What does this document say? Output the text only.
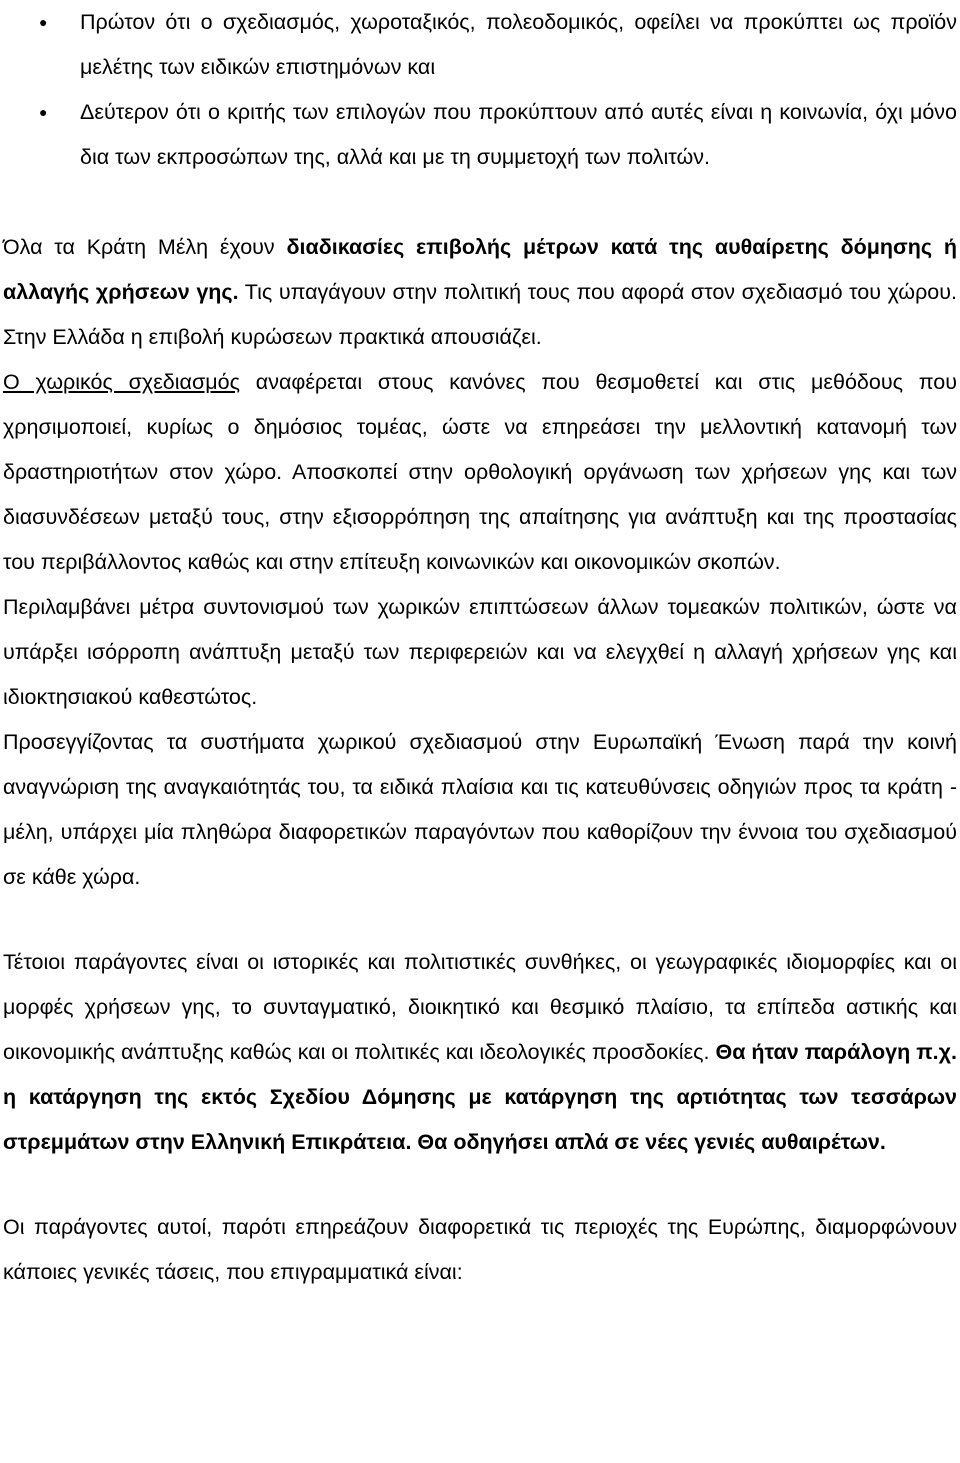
● Πρώτον ότι ο σχεδιασμός, χωροταξικός, πολεοδομικός, οφείλει να προκύπτει ως προϊόν μελέτης των ειδικών επιστημόνων και
● Δεύτερον ότι ο κριτής των επιλογών που προκύπτουν από αυτές είναι η κοινωνία, όχι μόνο δια των εκπροσώπων της, αλλά και με τη συμμετοχή των πολιτών.

Όλα τα Κράτη Μέλη έχουν διαδικασίες επιβολής μέτρων κατά της αυθαίρετης δόμησης ή αλλαγής χρήσεων γης. Τις υπαγάγουν στην πολιτική τους που αφορά στον σχεδιασμό του χώρου. Στην Ελλάδα η επιβολή κυρώσεων πρακτικά απουσιάζει.

Ο χωρικός σχεδιασμός αναφέρεται στους κανόνες που θεσμοθετεί και στις μεθόδους που χρησιμοποιεί, κυρίως ο δημόσιος τομέας, ώστε να επηρεάσει την μελλοντική κατανομή των δραστηριοτήτων στον χώρο. Αποσκοπεί στην ορθολογική οργάνωση των χρήσεων γης και των διασυνδέσεων μεταξύ τους, στην εξισορρόπηση της απαίτησης για ανάπτυξη και της προστασίας του περιβάλλοντος καθώς και στην επίτευξη κοινωνικών και οικονομικών σκοπών.

Περιλαμβάνει μέτρα συντονισμού των χωρικών επιπτώσεων άλλων τομεακών πολιτικών, ώστε να υπάρξει ισόρροπη ανάπτυξη μεταξύ των περιφερειών και να ελεγχθεί η αλλαγή χρήσεων γης και ιδιοκτησιακού καθεστώτος.

Προσεγγίζοντας τα συστήματα χωρικού σχεδιασμού στην Ευρωπαϊκή Ένωση παρά την κοινή αναγνώριση της αναγκαιότητάς του, τα ειδικά πλαίσια και τις κατευθύνσεις οδηγιών προς τα κράτη - μέλη, υπάρχει μία πληθώρα διαφορετικών παραγόντων που καθορίζουν την έννοια του σχεδιασμού σε κάθε χώρα.

Τέτοιοι παράγοντες είναι οι ιστορικές και πολιτιστικές συνθήκες, οι γεωγραφικές ιδιομορφίες και οι μορφές χρήσεων γης, το συνταγματικό, διοικητικό και θεσμικό πλαίσιο, τα επίπεδα αστικής και οικονομικής ανάπτυξης καθώς και οι πολιτικές και ιδεολογικές προσδοκίες. Θα ήταν παράλογη π.χ. η κατάργηση της εκτός Σχεδίου Δόμησης με κατάργηση της αρτιότητας των τεσσάρων στρεμμάτων στην Ελληνική Επικράτεια. Θα οδηγήσει απλά σε νέες γενιές αυθαιρέτων.

Οι παράγοντες αυτοί, παρότι επηρεάζουν διαφορετικά τις περιοχές της Ευρώπης, διαμορφώνουν κάποιες γενικές τάσεις, που επιγραμματικά είναι:
